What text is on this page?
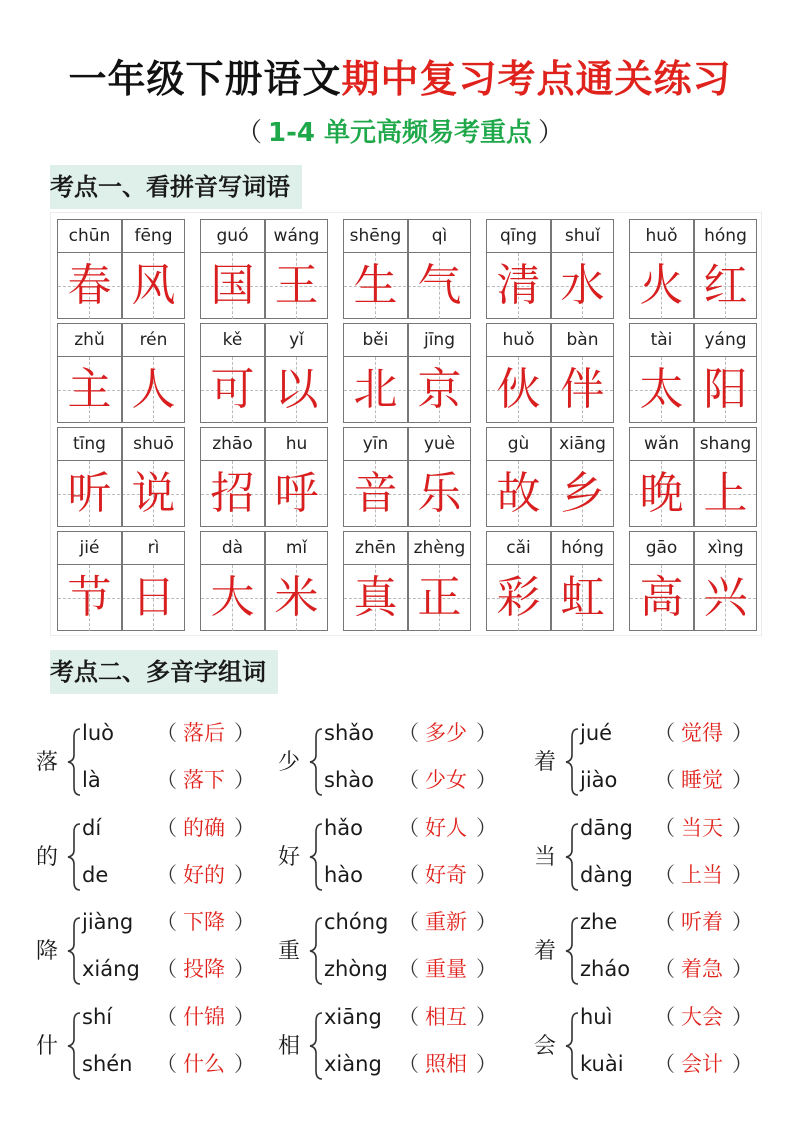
一年级下册语文期中复习考点通关练习
（ 1-4 单元高频易考重点 ）
考点一、看拼音写词语
chūn	fēng
春 风
guó	wáng
国 王
shēng	qì
生 气
qīng	shuǐ
清 水
huǒ	hóng
火 红
zhǔ	rén
主 人
kě	yǐ
可 以
běi	jīng
北 京
huǒ	bàn
伙 伴
tài	yáng
太 阳
tīng	shuō
听 说
zhāo	hu
招 呼
yīn	yuè
音 乐
gù	xiāng
故 乡
wǎn	shang
晚 上
jié	rì
节 日
dà	mǐ
大 米
zhēn	zhèng
真 正
cǎi	hóng
彩 虹
gāo	xìng
高 兴
考点二、多音字组词
落
luò （ 落后 ）
là	（ 落下 ）
少
shǎo （ 多少 ）
shào （ 少女 ）
着
jué （ 觉得 ）
jiào （ 睡觉 ）
的
dí	（ 的确 ）
de （ 好的 ）
好
hǎo （ 好人 ）
hào （ 好奇 ）
当
dāng （ 当天 ）
dàng （ 上当 ）
降
jiàng （ 下降 ）
xiáng （ 投降 ）
重
chóng （ 重新 ）
zhòng （ 重量 ）
着
zhe （ 听着 ）
zháo （ 着急 ）
什
shí （ 什锦 ）
shén （ 什么 ）
相
xiāng （ 相互 ）
xiàng （ 照相 ）
会
huì （ 大会 ）
kuài （ 会计 ）
